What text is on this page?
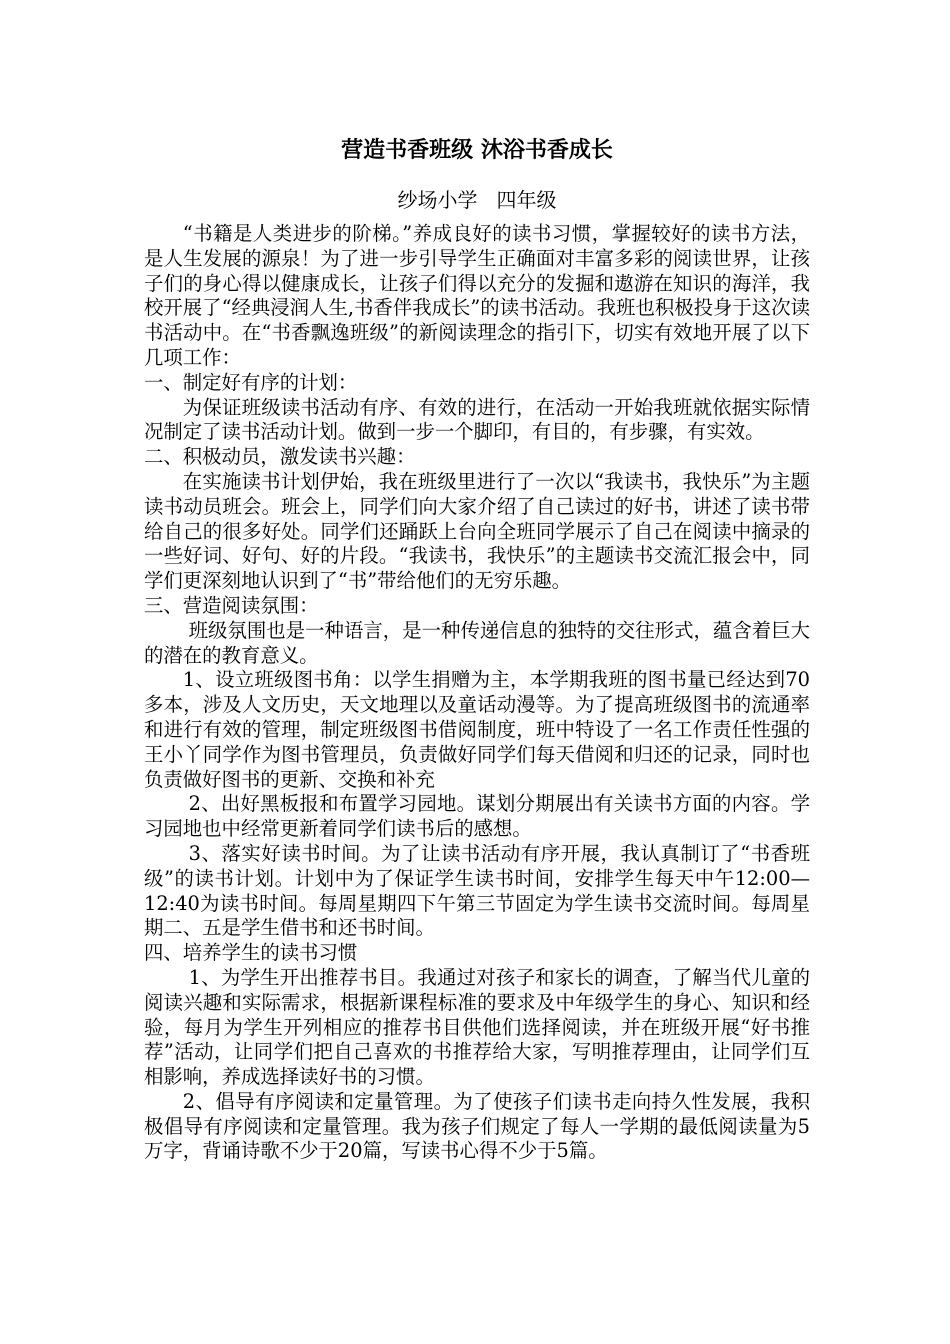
营造书香班级 沐浴书香成长
纱场小学   四年级

“书籍是人类进步的阶梯。”养成良好的读书习惯，掌握较好的读书方法，是人生发展的源泉！为了进一步引导学生正确面对丰富多彩的阅读世界，让孩子们的身心得以健康成长，让孩子们得以充分的发掘和遨游在知识的海洋，我校开展了“经典浸润人生,书香伴我成长”的读书活动。我班也积极投身于这次读书活动中。在“书香飘逸班级”的新阅读理念的指引下，切实有效地开展了以下几项工作：

一、制定好有序的计划：

为保证班级读书活动有序、有效的进行，在活动一开始我班就依据实际情况制定了读书活动计划。做到一步一个脚印，有目的，有步骤，有实效。

二、积极动员，激发读书兴趣：

在实施读书计划伊始，我在班级里进行了一次以“我读书，我快乐”为主题读书动员班会。班会上，同学们向大家介绍了自己读过的好书，讲述了读书带给自己的很多好处。同学们还踊跃上台向全班同学展示了自己在阅读中摘录的一些好词、好句、好的片段。“我读书，我快乐”的主题读书交流汇报会中，同学们更深刻地认识到了“书”带给他们的无穷乐趣。

三、营造阅读氛围：

班级氛围也是一种语言，是一种传递信息的独特的交往形式，蕴含着巨大的潜在的教育意义。

1、设立班级图书角：以学生捐赠为主，本学期我班的图书量已经达到70多本，涉及人文历史，天文地理以及童话动漫等。为了提高班级图书的流通率和进行有效的管理，制定班级图书借阅制度，班中特设了一名工作责任性强的王小丫同学作为图书管理员，负责做好同学们每天借阅和归还的记录，同时也负责做好图书的更新、交换和补充

2、出好黑板报和布置学习园地。谋划分期展出有关读书方面的内容。学习园地也中经常更新着同学们读书后的感想。

3、落实好读书时间。为了让读书活动有序开展，我认真制订了“书香班级”的读书计划。计划中为了保证学生读书时间，安排学生每天中午12:00—12:40为读书时间。每周星期四下午第三节固定为学生读书交流时间。每周星期二、五是学生借书和还书时间。

四、培养学生的读书习惯

1、为学生开出推荐书目。我通过对孩子和家长的调查，了解当代儿童的阅读兴趣和实际需求，根据新课程标准的要求及中年级学生的身心、知识和经验，每月为学生开列相应的推荐书目供他们选择阅读，并在班级开展“好书推荐”活动，让同学们把自己喜欢的书推荐给大家，写明推荐理由，让同学们互相影响，养成选择读好书的习惯。

2、倡导有序阅读和定量管理。为了使孩子们读书走向持久性发展，我积极倡导有序阅读和定量管理。我为孩子们规定了每人一学期的最低阅读量为5万字，背诵诗歌不少于20篇，写读书心得不少于5篇。
